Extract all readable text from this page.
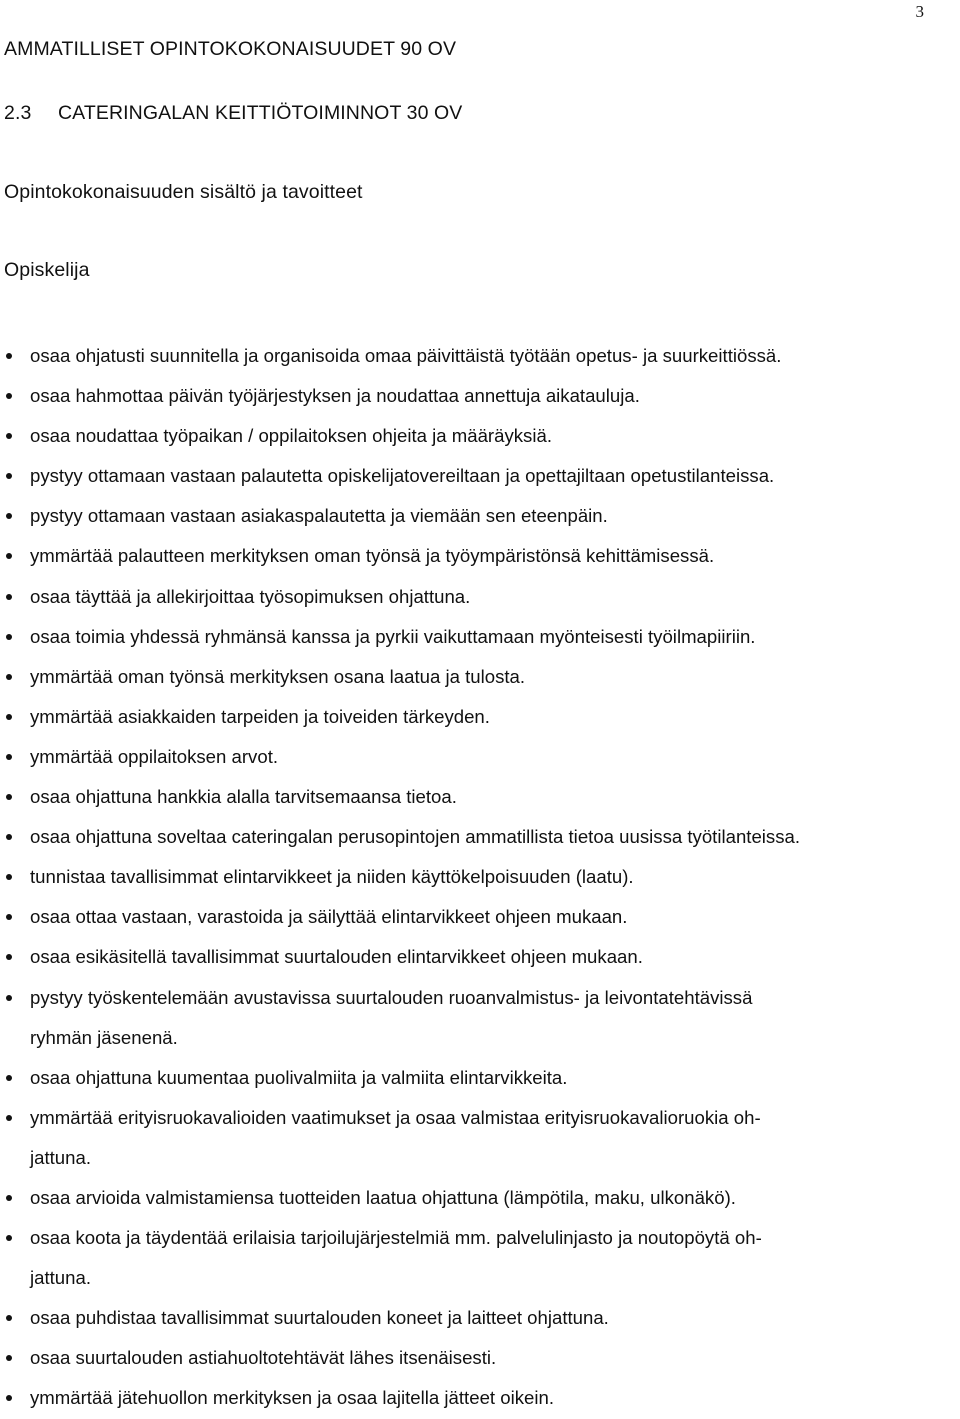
3
AMMATILLISET OPINTOKOKONAISUUDET 90 OV
2.3 CATERINGALAN KEITTIÖTOIMINNOT 30 OV
Opintokokonaisuuden sisältö ja tavoitteet
Opiskelija
osaa ohjatusti suunnitella ja organisoida omaa päivittäistä työtään opetus- ja suurkeittiössä.
osaa hahmottaa päivän työjärjestyksen ja noudattaa annettuja aikatauluja.
osaa noudattaa työpaikan / oppilaitoksen ohjeita ja määräyksiä.
pystyy ottamaan vastaan palautetta opiskelijatovereiltaan ja opettajiltaan opetustilanteissa.
pystyy ottamaan vastaan asiakaspalautetta ja viemään sen eteenpäin.
ymmärtää palautteen merkityksen oman työnsä ja työympäristönsä kehittämisessä.
osaa täyttää ja allekirjoittaa työsopimuksen ohjattuna.
osaa toimia yhdessä ryhmänsä kanssa ja pyrkii vaikuttamaan myönteisesti työilmapiiriin.
ymmärtää oman työnsä merkityksen osana laatua ja tulosta.
ymmärtää asiakkaiden tarpeiden ja toiveiden tärkeyden.
ymmärtää oppilaitoksen arvot.
osaa ohjattuna hankkia alalla tarvitsemaansa tietoa.
osaa ohjattuna soveltaa cateringalan perusopintojen ammatillista tietoa uusissa työtilanteissa.
tunnistaa tavallisimmat elintarvikkeet ja niiden käyttökelpoisuuden (laatu).
osaa ottaa vastaan, varastoida ja säilyttää elintarvikkeet ohjeen mukaan.
osaa esikäsitellä tavallisimmat suurtalouden elintarvikkeet ohjeen mukaan.
pystyy työskentelemään avustavissa suurtalouden ruoanvalmistus- ja leivontatehtävissä
ryhmän jäsenenä.
osaa ohjattuna kuumentaa puolivalmiita ja valmiita elintarvikkeita.
ymmärtää erityisruokavalioiden vaatimukset ja osaa valmistaa erityisruokavalioruokia oh-
jattuna.
osaa arvioida valmistamiensa tuotteiden laatua ohjattuna (lämpötila, maku, ulkonäkö).
osaa koota ja täydentää erilaisia tarjoilujärjestelmiä mm. palvelulinjasto ja noutopöytä oh-
jattuna.
osaa puhdistaa tavallisimmat suurtalouden koneet ja laitteet ohjattuna.
osaa suurtalouden astiahuoltotehtävät lähes itsenäisesti.
ymmärtää jätehuollon merkityksen ja osaa lajitella jätteet oikein.
